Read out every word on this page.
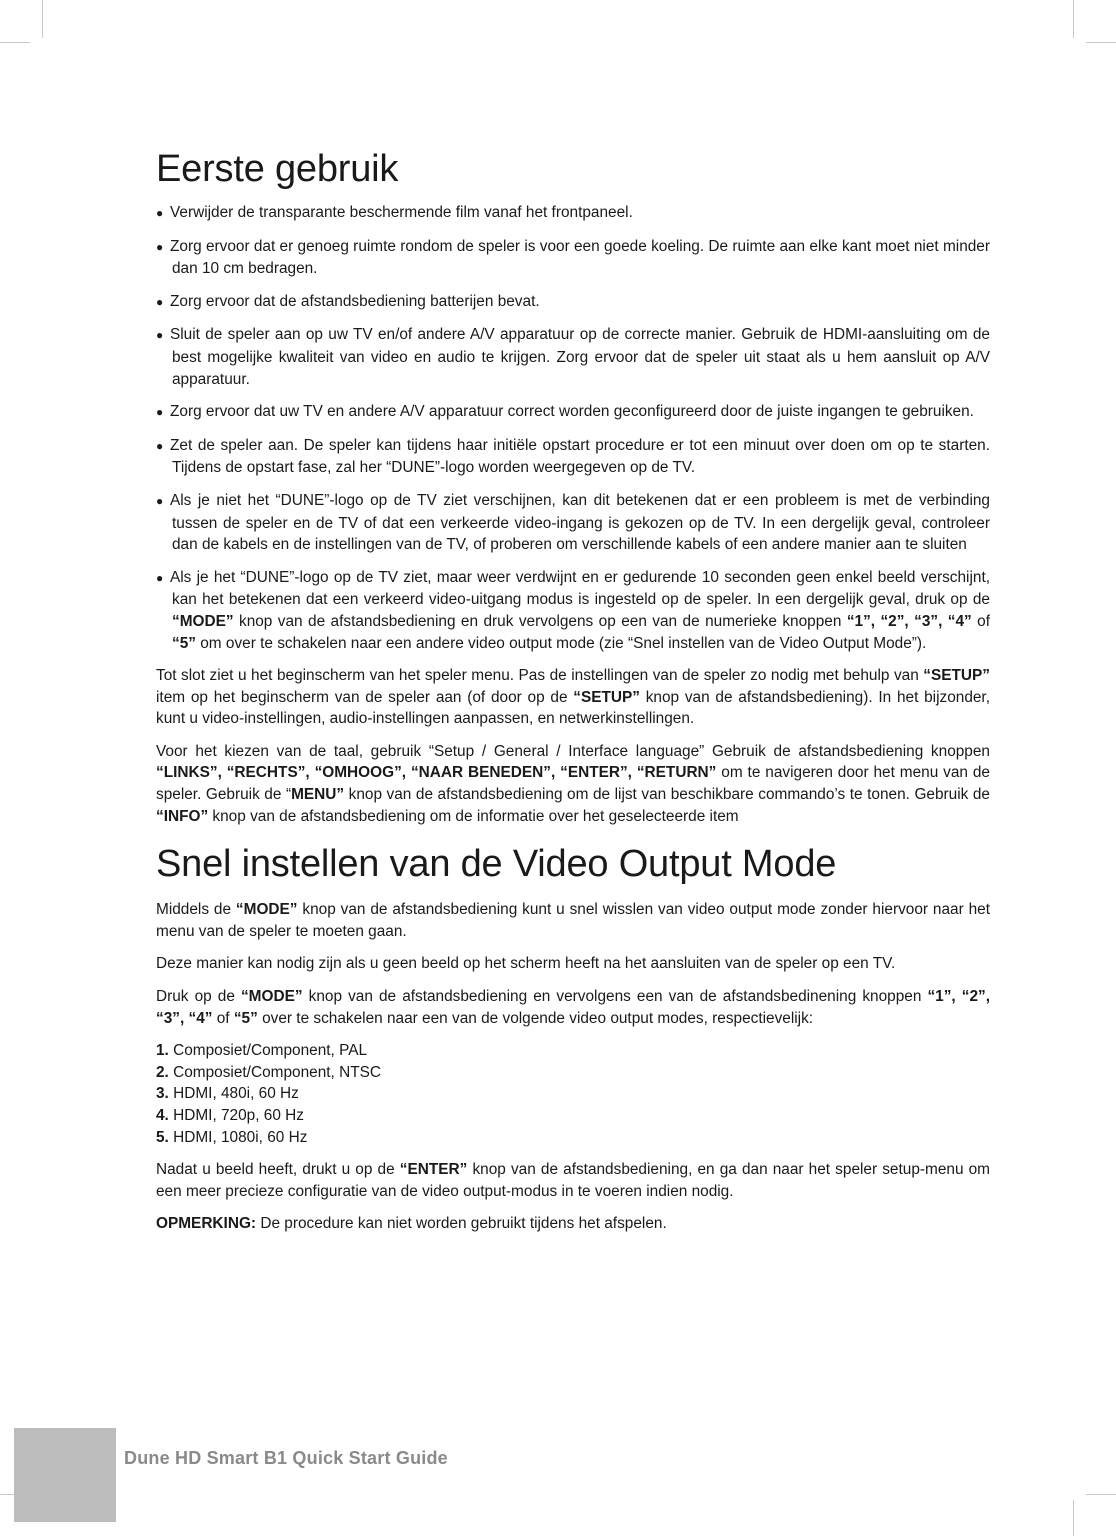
Eerste gebruik
● Verwijder de transparante beschermende film vanaf het frontpaneel.
● Zorg ervoor dat er genoeg ruimte rondom de speler is voor een goede koeling. De ruimte aan elke kant moet niet minder dan 10 cm bedragen.
● Zorg ervoor dat de afstandsbediening batterijen bevat.
● Sluit de speler aan op uw TV en/of andere A/V apparatuur op de correcte manier. Gebruik de HDMI-aansluiting om de best mogelijke kwaliteit van video en audio te krijgen. Zorg ervoor dat de speler uit staat als u hem aansluit op A/V apparatuur.
● Zorg ervoor dat uw TV en andere A/V apparatuur correct worden geconfigureerd door de juiste ingangen te gebruiken.
● Zet de speler aan. De speler kan tijdens haar initiële opstart procedure er tot een minuut over doen om op te starten. Tijdens de opstart fase, zal her “DUNE”-logo worden weergegeven op de TV.
● Als je niet het “DUNE”-logo op de TV ziet verschijnen, kan dit betekenen dat er een probleem is met de verbinding tussen de speler en de TV of dat een verkeerde video-ingang is gekozen op de TV. In een dergelijk geval, controleer dan de kabels en de instellingen van de TV, of proberen om verschillende kabels of een andere manier aan te sluiten
● Als je het “DUNE”-logo op de TV ziet, maar weer verdwijnt en er gedurende 10 seconden geen enkel beeld verschijnt, kan het betekenen dat een verkeerd video-uitgang modus is ingesteld op de speler. In een dergelijk geval, druk op de “MODE” knop van de afstandsbediening en druk vervolgens op een van de numerieke knoppen “1”, “2”, “3”, “4” of “5” om over te schakelen naar een andere video output mode (zie “Snel instellen van de Video Output Mode”).

Tot slot ziet u het beginscherm van het speler menu. Pas de instellingen van de speler zo nodig met behulp van “SETUP” item op het beginscherm van de speler aan (of door op de “SETUP” knop van de afstandsbediening). In het bijzonder, kunt u video-instellingen, audio-instellingen aanpassen, en netwerkinstellingen.

Voor het kiezen van de taal, gebruik “Setup / General / Interface language” Gebruik de afstandsbediening knoppen “LINKS”, “RECHTS”, “OMHOOG”, “NAAR BENEDEN”, “ENTER”, “RETURN” om te navigeren door het menu van de speler. Gebruik de “MENU” knop van de afstandsbediening om de lijst van beschikbare commando’s te tonen. Gebruik de “INFO” knop van de afstandsbediening om de informatie over het geselecteerde item

Snel instellen van de Video Output Mode

Middels de “MODE” knop van de afstandsbediening kunt u snel wisslen van video output mode zonder hiervoor naar het menu van de speler te moeten gaan.

Deze manier kan nodig zijn als u geen beeld op het scherm heeft na het aansluiten van de speler op een TV.

Druk op de “MODE” knop van de afstandsbediening en vervolgens een van de afstandsbedinening knoppen “1”, “2”, “3”, “4” of “5” over te schakelen naar een van de volgende video output modes, respectievelijk:

1. Composiet/Component, PAL
2. Composiet/Component, NTSC
3. HDMI, 480i, 60 Hz
4. HDMI, 720p, 60 Hz
5. HDMI, 1080i, 60 Hz

Nadat u beeld heeft, drukt u op de “ENTER” knop van de afstandsbediening, en ga dan naar het speler setup-menu om een meer precieze configuratie van de video output-modus in te voeren indien nodig.

OPMERKING: De procedure kan niet worden gebruikt tijdens het afspelen.

Dune HD Smart B1 Quick Start Guide
